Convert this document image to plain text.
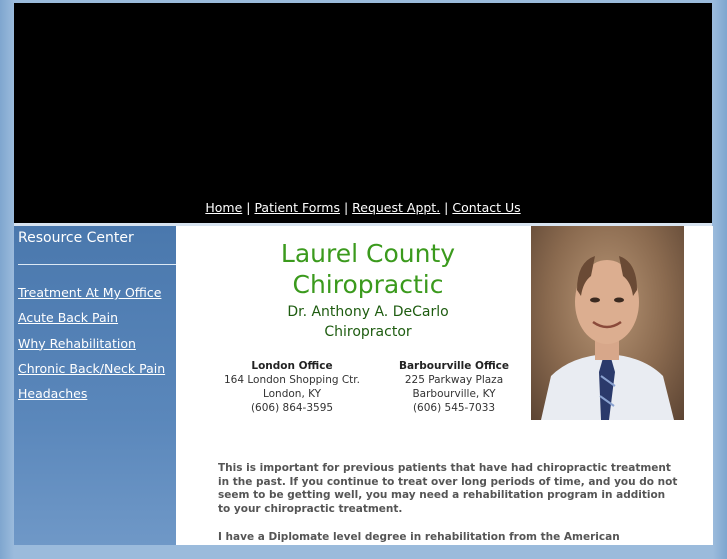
Home | Patient Forms | Request Appt. | Contact Us
Resource Center
Treatment At My Office
Acute Back Pain
Why Rehabilitation
Chronic Back/Neck Pain
Headaches
Laurel County
Chiropractic
Dr. Anthony A. DeCarlo
Chiropractor
London Office
164 London Shopping Ctr.
London, KY
(606) 864-3595
Barbourville Office
225 Parkway Plaza
Barbourville, KY
(606) 545-7033

This is important for previous patients that have had chiropractic treatment in the past. If you continue to treat over long periods of time, and you do not seem to be getting well, you may need a rehabilitation program in addition to your chiropractic treatment.

I have a Diplomate level degree in rehabilitation from the American
